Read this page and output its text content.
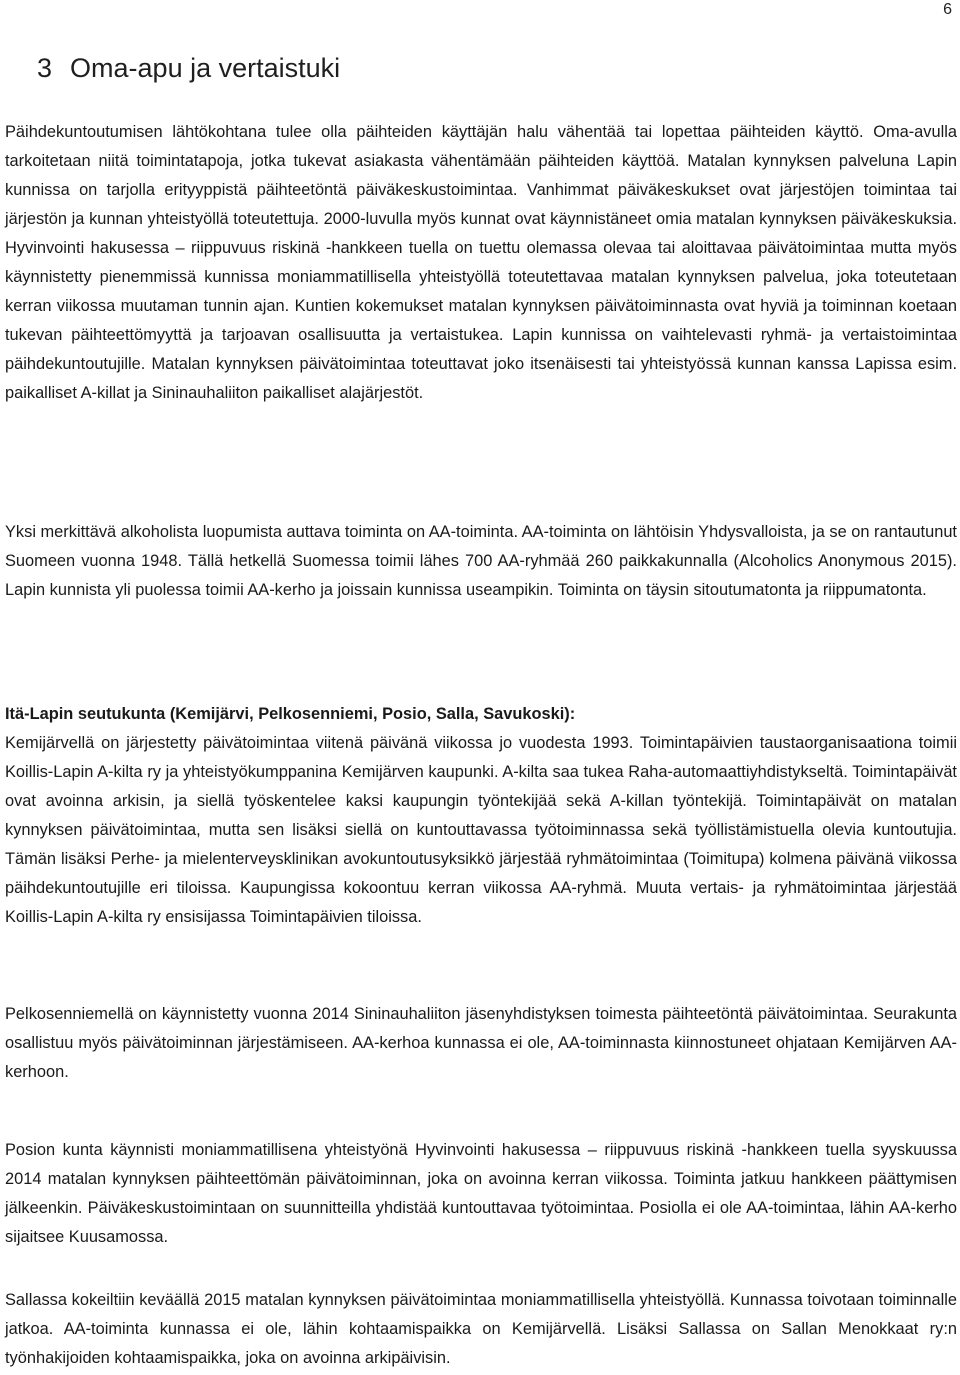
6
3 Oma-apu ja vertaistuki

Päihdekuntoutumisen lähtökohtana tulee olla päihteiden käyttäjän halu vähentää tai lopettaa päihteiden käyttö. Oma-avulla tarkoitetaan niitä toimintatapoja, jotka tukevat asiakasta vähentämään päihteiden käyttöä. Matalan kynnyksen palveluna Lapin kunnissa on tarjolla erityyppistä päihteetöntä päiväkeskustoimintaa. Vanhimmat päiväkeskukset ovat järjestöjen toimintaa tai järjestön ja kunnan yhteistyöllä toteutettuja. 2000-luvulla myös kunnat ovat käynnistäneet omia matalan kynnyksen päiväkeskuksia. Hyvinvointi hakusessa – riippuvuus riskinä -hankkeen tuella on tuettu olemassa olevaa tai aloittavaa päivätoimintaa mutta myös käynnistetty pienemmissä kunnissa moniammatillisella yhteistyöllä toteutettavaa matalan kynnyksen palvelua, joka toteutetaan kerran viikossa muutaman tunnin ajan. Kuntien kokemukset matalan kynnyksen päivätoiminnasta ovat hyviä ja toiminnan koetaan tukevan päihteettömyyttä ja tarjoavan osallisuutta ja vertaistukea. Lapin kunnissa on vaihtelevasti ryhmä- ja vertaistoimintaa päihdekuntoutujille. Matalan kynnyksen päivätoimintaa toteuttavat joko itsenäisesti tai yhteistyössä kunnan kanssa Lapissa esim. paikalliset A-killat ja Sininauhaliiton paikalliset alajärjestöt.

Yksi merkittävä alkoholista luopumista auttava toiminta on AA-toiminta. AA-toiminta on lähtöisin Yhdysvalloista, ja se on rantautunut Suomeen vuonna 1948. Tällä hetkellä Suomessa toimii lähes 700 AA-ryhmää 260 paikkakunnalla (Alcoholics Anonymous 2015). Lapin kunnista yli puolessa toimii AA-kerho ja joissain kunnissa useampikin. Toiminta on täysin sitoutumatonta ja riippumatonta.

Itä-Lapin seutukunta (Kemijärvi, Pelkosenniemi, Posio, Salla, Savukoski):
Kemijärvellä on järjestetty päivätoimintaa viitenä päivänä viikossa jo vuodesta 1993. Toimintapäivien taustaorganisaationa toimii Koillis-Lapin A-kilta ry ja yhteistyökumppanina Kemijärven kaupunki. A-kilta saa tukea Raha-automaattiyhdistykseltä. Toimintapäivät ovat avoinna arkisin, ja siellä työskentelee kaksi kaupungin työntekijää sekä A-killan työntekijä. Toimintapäivät on matalan kynnyksen päivätoimintaa, mutta sen lisäksi siellä on kuntouttavassa työtoiminnassa sekä työllistämistuella olevia kuntoutujia. Tämän lisäksi Perhe- ja mielenterveysklinikan avokuntoutusyksikkö järjestää ryhmätoimintaa (Toimitupa) kolmena päivänä viikossa päihdekuntoutujille eri tiloissa. Kaupungissa kokoontuu kerran viikossa AA-ryhmä. Muuta vertais- ja ryhmätoimintaa järjestää Koillis-Lapin A-kilta ry ensisijassa Toimintapäivien tiloissa.

Pelkosenniemellä on käynnistetty vuonna 2014 Sininauhaliiton jäsenyhdistyksen toimesta päihteetöntä päivätoimintaa. Seurakunta osallistuu myös päivätoiminnan järjestämiseen. AA-kerhoa kunnassa ei ole, AA-toiminnasta kiinnostuneet ohjataan Kemijärven AA-kerhoon.

Posion kunta käynnisti moniammatillisena yhteistyönä Hyvinvointi hakusessa – riippuvuus riskinä -hankkeen tuella syyskuussa 2014 matalan kynnyksen päihteettömän päivätoiminnan, joka on avoinna kerran viikossa. Toiminta jatkuu hankkeen päättymisen jälkeenkin. Päiväkeskustoimintaan on suunnitteilla yhdistää kuntouttavaa työtoimintaa. Posiolla ei ole AA-toimintaa, lähin AA-kerho sijaitsee Kuusamossa.

Sallassa kokeiltiin keväällä 2015 matalan kynnyksen päivätoimintaa moniammatillisella yhteistyöllä. Kunnassa toivotaan toiminnalle jatkoa. AA-toiminta kunnassa ei ole, lähin kohtaamispaikka on Kemijärvellä. Lisäksi Sallassa on Sallan Menokkaat ry:n työnhakijoiden kohtaamispaikka, joka on avoinna arkipäivisin.
